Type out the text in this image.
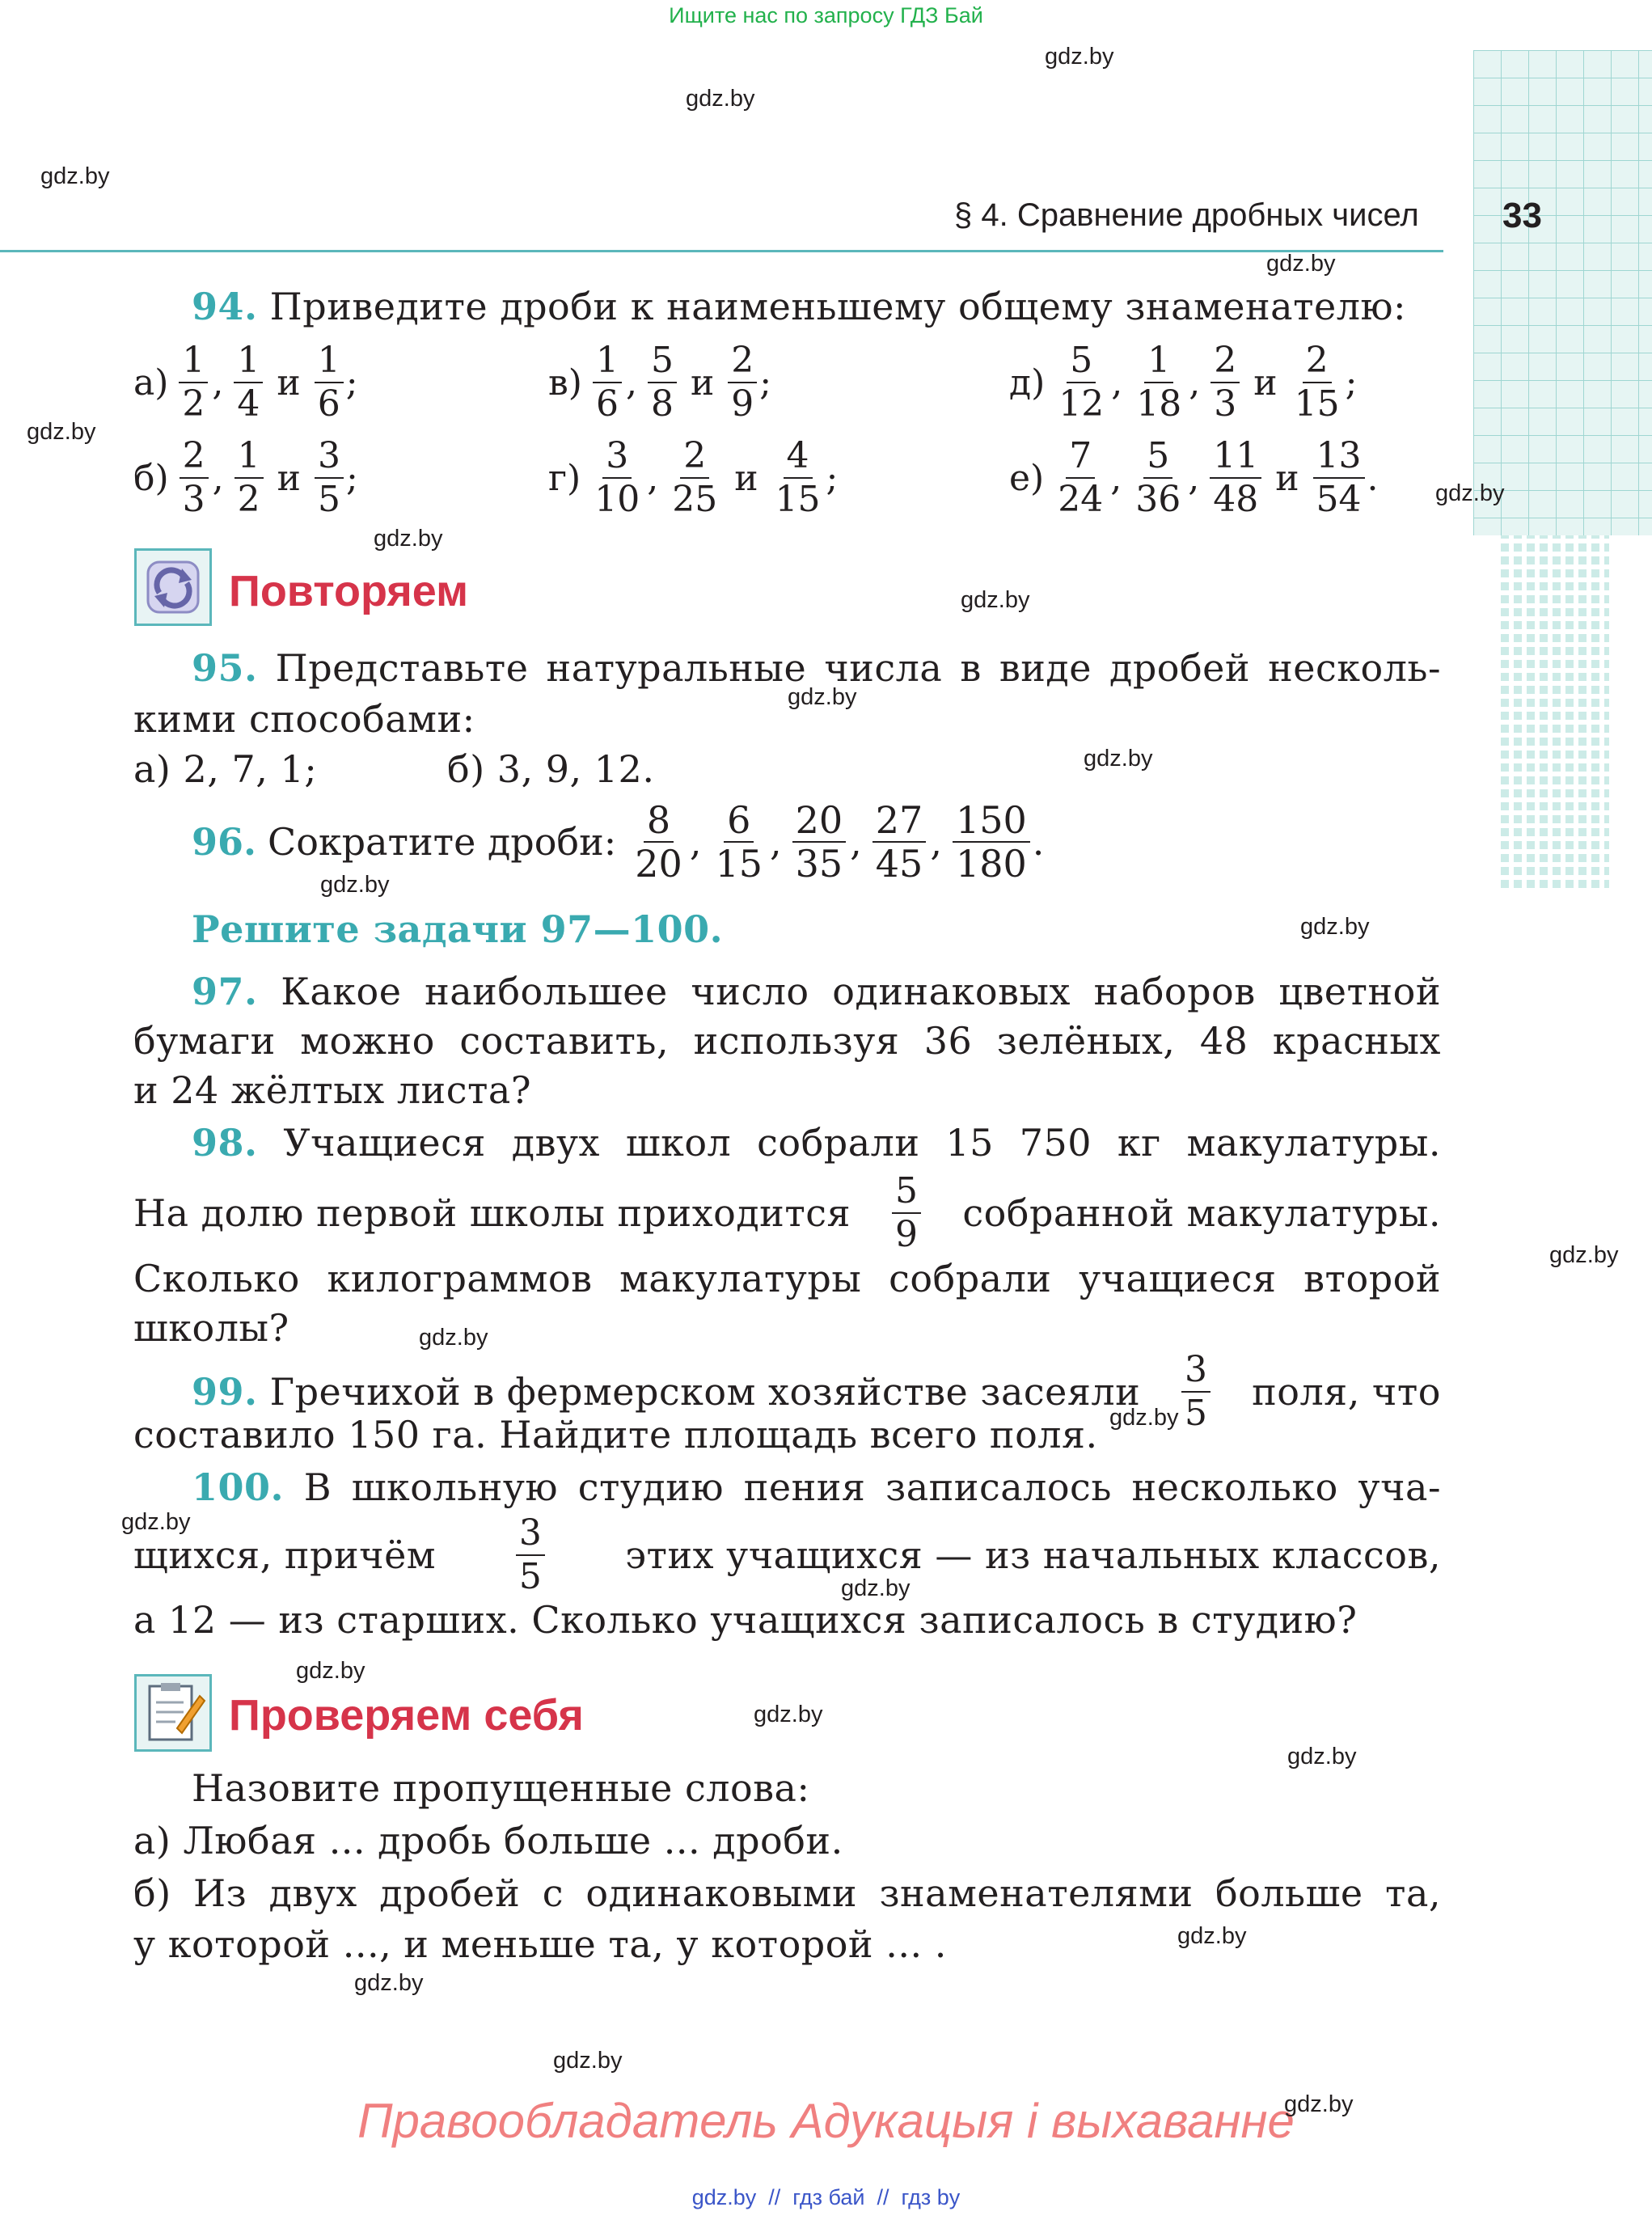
Ищите нас по запросу ГДЗ Бай
§ 4. Сравнение дробных чисел 33
94. Приведите дроби к наименьшему общему знаменателю:
$а) \frac{1}{2}$ , $\frac{1}{4}$ и $\frac{1}{6}$ ;	$в) \frac{1}{6}$ , $\frac{5}{8}$ и $\frac{2}{9}$ ;	$д) \frac{5}{12}$ , $\frac{1}{18}$ , $\frac{2}{3}$ и $\frac{2}{15}$ ;
$б) \frac{2}{3}$ , $\frac{1}{2}$ и $\frac{3}{5}$ ;	$г) \frac{3}{10}$ , $\frac{2}{25}$ и $\frac{4}{15}$ ;	$е) \frac{7}{24}$ , $\frac{5}{36}$ , $\frac{11}{48}$ и $\frac{13}{54}$ .
Повторяем
95. Представьте натуральные числа в виде дробей несколь-
кими способами:
а) 2, 7, 1;	б) 3, 9, 12.
96. Сократите дроби: $\frac{8}{20}$ , $\frac{6}{15}$ , $\frac{20}{35}$ , $\frac{27}{45}$ , $\frac{150}{180}$ .
Решите задачи 97—100.
97. Какое наибольшее число одинаковых наборов цветной
бумаги можно составить, используя 36 зелёных, 48 красных
и 24 жёлтых листа?
98. Учащиеся двух школ собрали 15 750 кг макулатуры.
На долю первой школы приходится $\frac{5}{9}$ собранной макулатуры.
Сколько килограммов макулатуры собрали учащиеся второй
школы?
99. Гречихой в фермерском хозяйстве засеяли $\frac{3}{5}$ поля, что
составило 150 га. Найдите площадь всего поля.
100. В школьную студию пения записалось несколько уча-
щихся, причём $\frac{3}{5}$ этих учащихся — из начальных классов,
а 12 — из старших. Сколько учащихся записалось в студию?
Проверяем себя
Назовите пропущенные слова:
а) Любая ... дробь больше ... дроби.
б) Из двух дробей с одинаковыми знаменателями больше та,
у которой ..., и меньше та, у которой ... .
Правообладатель Адукацыя і выхаванне
gdz.by  //  гдз бай  //  гдз by
gdz.by
gdz.by
gdz.by
gdz.by
gdz.by
gdz.by
gdz.by
gdz.by
gdz.by
gdz.by
gdz.by
gdz.by
gdz.by
gdz.by
gdz.by
gdz.by
gdz.by
gdz.by
gdz.by
gdz.by
gdz.by
gdz.by
gdz.by
gdz.by
